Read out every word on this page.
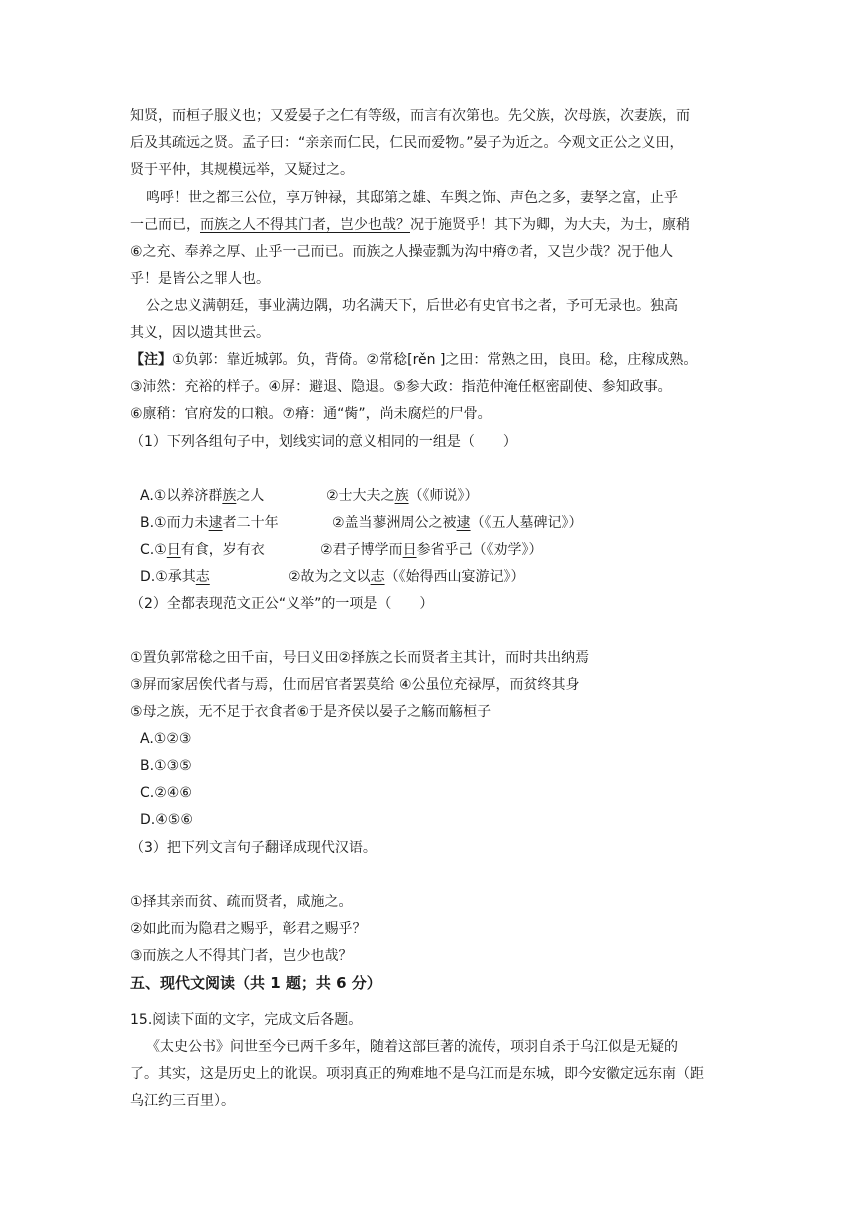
知贤，而桓子服义也；又爱晏子之仁有等级，而言有次第也。先父族，次母族，次妻族，而
后及其疏远之贤。孟子曰：“亲亲而仁民，仁民而爱物。”晏子为近之。今观文正公之义田，
贤于平仲，其规模远举，又疑过之。
鸣呼！世之都三公位，享万钟禄，其邸第之雄、车舆之饰、声色之多，妻孥之富，止乎
一己而已，而族之人不得其门者，岂少也哉？况于施贤乎！其下为卿，为大夫，为士，廪稍
⑥之充、奉养之厚、止乎一己而已。而族之人操壶瓢为沟中瘠⑦者，又岂少哉？况于他人
乎！是皆公之罪人也。
公之忠义满朝廷，事业满边隅，功名满天下，后世必有史官书之者，予可无录也。独高
其义，因以遗其世云。
【注】①负郭：靠近城郭。负，背倚。②常稔[rěn ]之田：常熟之田，良田。稔，庄稼成熟。
③沛然：充裕的样子。④屏：避退、隐退。⑤参大政：指范仲淹任枢密副使、参知政事。
⑥廪稍：官府发的口粮。⑦瘠：通“胔”，尚未腐烂的尸骨。
（1）下列各组句子中，划线实词的意义相同的一组是（　　）
A.①以养济群族之人	②士大夫之族（《师说》）
B.①而力未逮者二十年	②盖当蓼洲周公之被逮（《五人墓碑记》）
C.①日有食，岁有衣	②君子博学而日参省乎己（《劝学》）
D.①承其志	②故为之文以志（《始得西山宴游记》）
（2）全都表现范文正公“义举”的一项是（　　）
①置负郭常稔之田千亩，号曰义田②择族之长而贤者主其计，而时共出纳焉
③屏而家居俟代者与焉，仕而居官者罢莫给 ④公虽位充禄厚，而贫终其身
⑤母之族，无不足于衣食者⑥于是齐侯以晏子之觞而觞桓子
A.①②③
B.①③⑤
C.②④⑥
D.④⑤⑥
（3）把下列文言句子翻译成现代汉语。
①择其亲而贫、疏而贤者，咸施之。
②如此而为隐君之赐乎，彰君之赐乎？
③而族之人不得其门者，岂少也哉？
五、现代文阅读（共 1 题；共 6 分）
15.阅读下面的文字，完成文后各题。
《太史公书》问世至今已两千多年，随着这部巨著的流传，项羽自杀于乌江似是无疑的
了。其实，这是历史上的讹误。项羽真正的殉难地不是乌江而是东城，即今安徽定远东南（距
乌江约三百里）。
